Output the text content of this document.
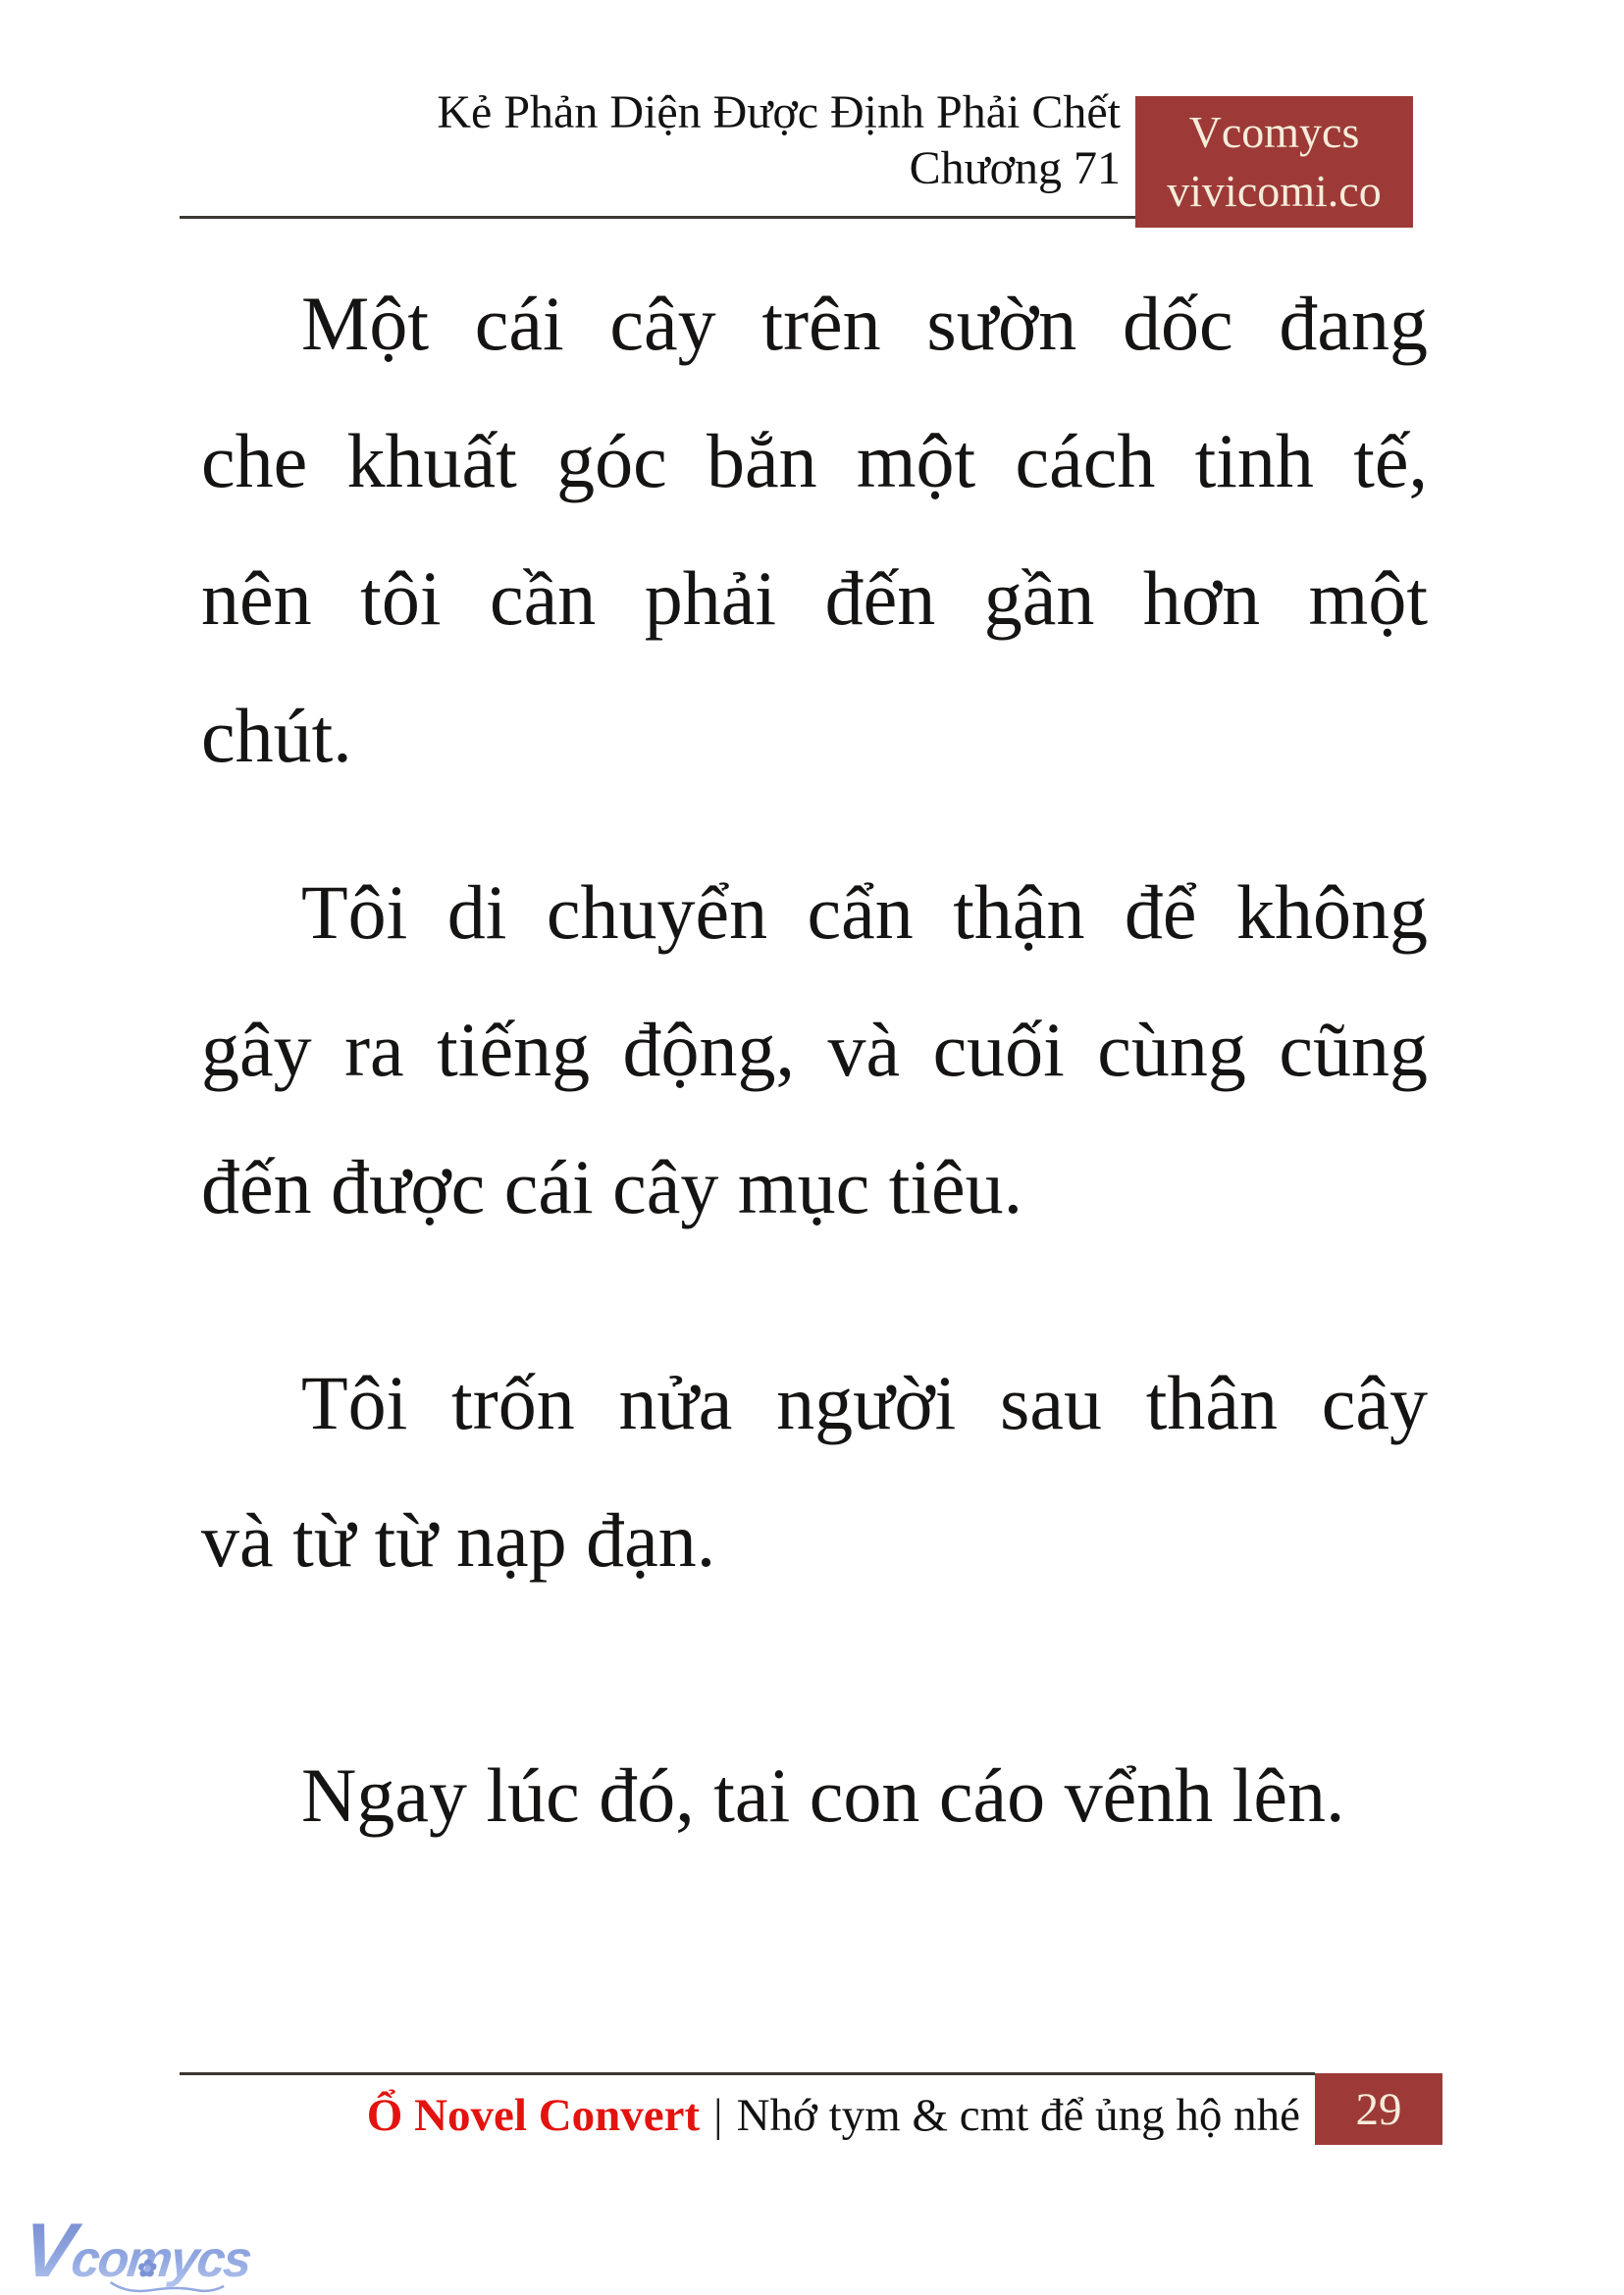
Kẻ Phản Diện Được Định Phải Chết
Chương 71
Vcomycs
vivicomi.co
Một cái cây trên sườn dốc đang
che khuất góc bắn một cách tinh tế,
nên tôi cần phải đến gần hơn một
chút.
Tôi di chuyển cẩn thận để không
gây ra tiếng động, và cuối cùng cũng
đến được cái cây mục tiêu.
Tôi trốn nửa người sau thân cây
và từ từ nạp đạn.
Ngay lúc đó, tai con cáo vểnh lên.
Ổ Novel Convert | Nhớ tym & cmt để ủng hộ nhé 29
Vcomycs
✿
